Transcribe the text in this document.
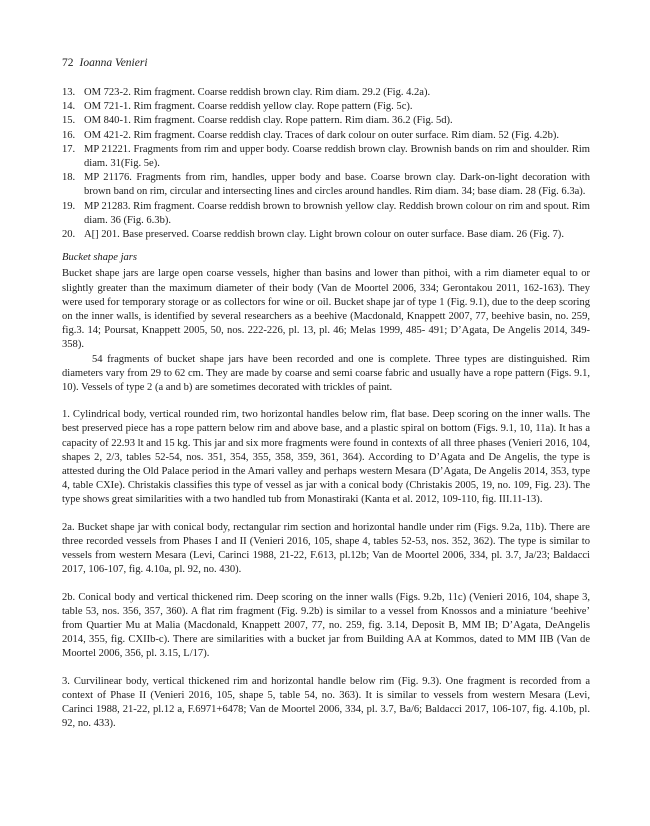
72 Ioanna Venieri
13. OM 723-2. Rim fragment. Coarse reddish brown clay. Rim diam. 29.2 (Fig. 4.2a).
14. OM 721-1. Rim fragment. Coarse reddish yellow clay. Rope pattern (Fig. 5c).
15. OM 840-1. Rim fragment. Coarse reddish clay. Rope pattern. Rim diam. 36.2 (Fig. 5d).
16. OM 421-2. Rim fragment. Coarse reddish clay. Traces of dark colour on outer surface. Rim diam. 52 (Fig. 4.2b).
17. MP 21221. Fragments from rim and upper body. Coarse reddish brown clay. Brownish bands on rim and shoulder. Rim diam. 31(Fig. 5e).
18. MP 21176. Fragments from rim, handles, upper body and base. Coarse brown clay. Dark-on-light decoration with brown band on rim, circular and intersecting lines and circles around handles. Rim diam. 34; base diam. 28 (Fig. 6.3a).
19. MP 21283. Rim fragment. Coarse reddish brown to brownish yellow clay. Reddish brown colour on rim and spout. Rim diam. 36 (Fig. 6.3b).
20. A[] 201. Base preserved. Coarse reddish brown clay. Light brown colour on outer surface. Base diam. 26 (Fig. 7).
Bucket shape jars

Bucket shape jars are large open coarse vessels, higher than basins and lower than pithoi, with a rim diameter equal to or slightly greater than the maximum diameter of their body (Van de Moortel 2006, 334; Gerontakou 2011, 162-163). They were used for temporary storage or as collectors for wine or oil. Bucket shape jar of type 1 (Fig. 9.1), due to the deep scoring on the inner walls, is identified by several researchers as a beehive (Macdonald, Knappett 2007, 77, beehive basin, no. 259, fig.3. 14; Poursat, Knappett 2005, 50, nos. 222-226, pl. 13, pl. 46; Melas 1999, 485- 491; D’Agata, De Angelis 2014, 349-358).

54 fragments of bucket shape jars have been recorded and one is complete. Three types are distinguished. Rim diameters vary from 29 to 62 cm. They are made by coarse and semi coarse fabric and usually have a rope pattern (Figs. 9.1, 10). Vessels of type 2 (a and b) are sometimes decorated with trickles of paint.

1. Cylindrical body, vertical rounded rim, two horizontal handles below rim, flat base. Deep scoring on the inner walls. The best preserved piece has a rope pattern below rim and above base, and a plastic spiral on bottom (Figs. 9.1, 10, 11a). It has a capacity of 22.93 lt and 15 kg. This jar and six more fragments were found in contexts of all three phases (Venieri 2016, 104, shapes 2, 2/3, tables 52-54, nos. 351, 354, 355, 358, 359, 361, 364). According to D’Agata and De Angelis, the type is attested during the Old Palace period in the Amari valley and perhaps western Mesara (D’Agata, De Angelis 2014, 353, type 4, table CXIe). Christakis classifies this type of vessel as jar with a conical body (Christakis 2005, 19, no. 109, Fig. 23). The type shows great similarities with a two handled tub from Monastiraki (Kanta et al. 2012, 109-110, fig. III.11-13).

2a. Bucket shape jar with conical body, rectangular rim section and horizontal handle under rim (Figs. 9.2a, 11b). There are three recorded vessels from Phases I and II (Venieri 2016, 105, shape 4, tables 52-53, nos. 352, 362). The type is similar to vessels from western Mesara (Levi, Carinci 1988, 21-22, F.613, pl.12b; Van de Moortel 2006, 334, pl. 3.7, Ja/23; Baldacci 2017, 106-107, fig. 4.10a, pl. 92, no. 430).

2b. Conical body and vertical thickened rim. Deep scoring on the inner walls (Figs. 9.2b, 11c) (Venieri 2016, 104, shape 3, table 53, nos. 356, 357, 360). A flat rim fragment (Fig. 9.2b) is similar to a vessel from Knossos and a miniature ‘beehive’ from Quartier Mu at Malia (Macdonald, Knappett 2007, 77, no. 259, fig. 3.14, Deposit B, MM IB; D’Agata, DeAngelis 2014, 355, fig. CXIIb-c). There are similarities with a bucket jar from Building AA at Kommos, dated to MM IIB (Van de Moortel 2006, 356, pl. 3.15, L/17).

3. Curvilinear body, vertical thickened rim and horizontal handle below rim (Fig. 9.3). One fragment is recorded from a context of Phase II (Venieri 2016, 105, shape 5, table 54, no. 363). It is similar to vessels from western Mesara (Levi, Carinci 1988, 21-22, pl.12 a, F.6971+6478; Van de Moortel 2006, 334, pl. 3.7, Ba/6; Baldacci 2017, 106-107, fig. 4.10b, pl. 92, no. 433).
